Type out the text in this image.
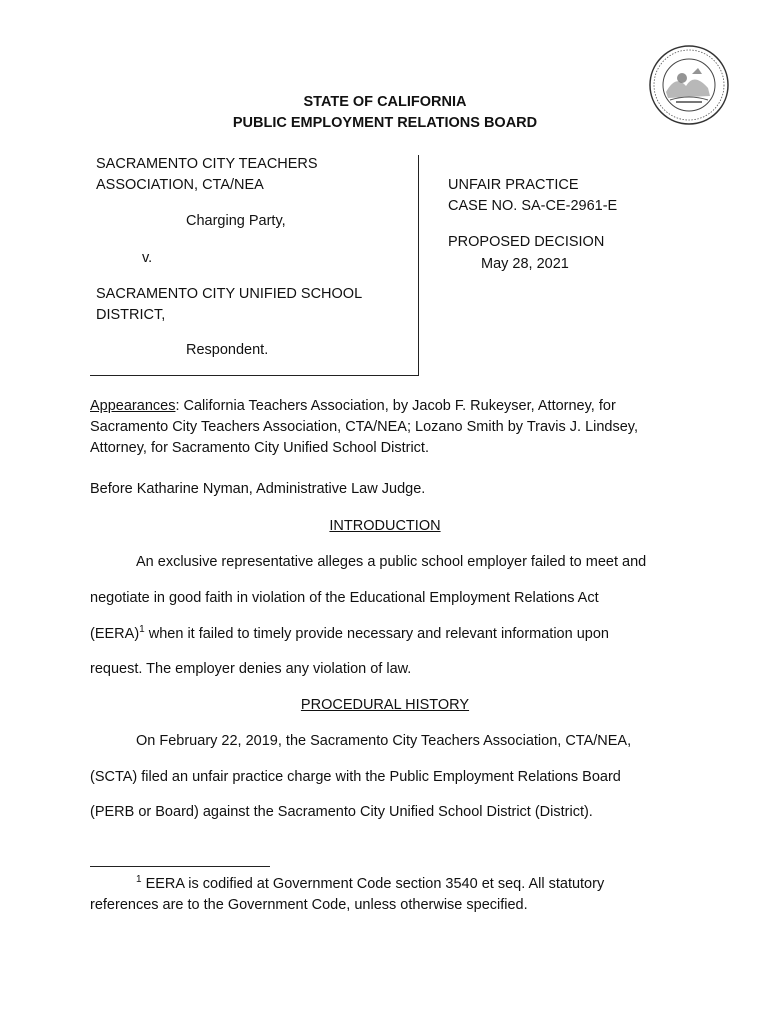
STATE OF CALIFORNIA
PUBLIC EMPLOYMENT RELATIONS BOARD
SACRAMENTO CITY TEACHERS
ASSOCIATION, CTA/NEA
Charging Party,
v.
SACRAMENTO CITY UNIFIED SCHOOL
DISTRICT,
Respondent.
UNFAIR PRACTICE
CASE NO. SA-CE-2961-E
PROPOSED DECISION
May 28, 2021
Appearances: California Teachers Association, by Jacob F. Rukeyser, Attorney, for
Sacramento City Teachers Association, CTA/NEA; Lozano Smith by Travis J. Lindsey,
Attorney, for Sacramento City Unified School District.
Before Katharine Nyman, Administrative Law Judge.
INTRODUCTION
An exclusive representative alleges a public school employer failed to meet and
negotiate in good faith in violation of the Educational Employment Relations Act
(EERA)$^1$ when it failed to timely provide necessary and relevant information upon
request. The employer denies any violation of law.
PROCEDURAL HISTORY
On February 22, 2019, the Sacramento City Teachers Association, CTA/NEA,
(SCTA) filed an unfair practice charge with the Public Employment Relations Board
(PERB or Board) against the Sacramento City Unified School District (District).
$^1$ EERA is codified at Government Code section 3540 et seq. All statutory
references are to the Government Code, unless otherwise specified.
